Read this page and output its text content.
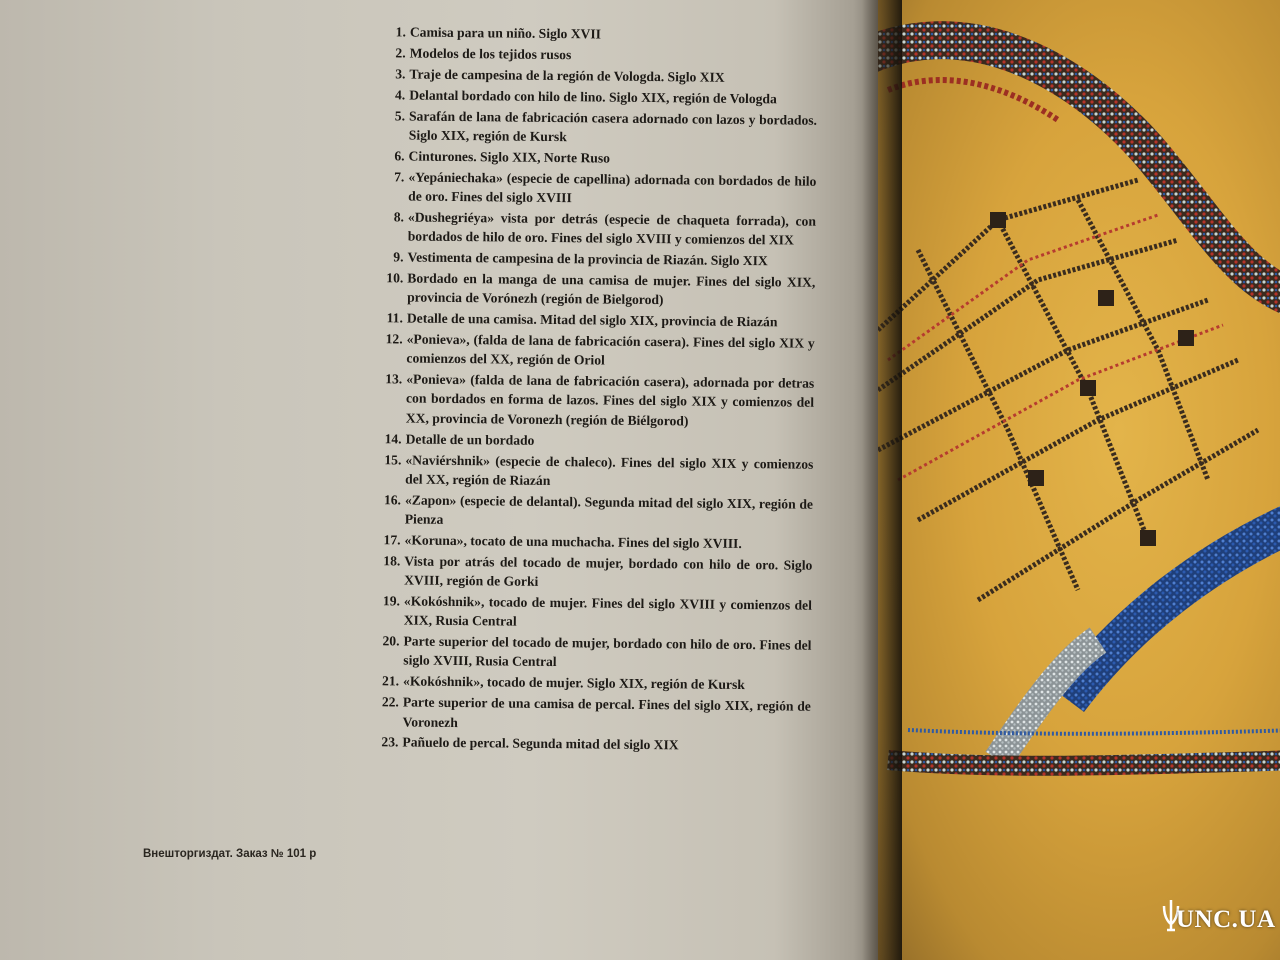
1. Camisa para un niño. Siglo XVII
2. Modelos de los tejidos rusos
3. Traje de campesina de la región de Vologda. Siglo XIX
4. Delantal bordado con hilo de lino. Siglo XIX, región de Vologda
5. Sarafán de lana de fabricación casera adornado con lazos y bordados. Siglo XIX, región de Kursk
6. Cinturones. Siglo XIX, Norte Ruso
7. «Yepániechaka» (especie de capellina) adornada con bordados de hilo de oro. Fines del siglo XVIII
8. «Dushegriéya» vista por detrás (especie de chaqueta forrada), con bordados de hilo de oro. Fines del siglo XVIII y comienzos del XIX
9. Vestimenta de campesina de la provincia de Riazán. Siglo XIX
10. Bordado en la manga de una camisa de mujer. Fines del siglo XIX, provincia de Vorónezh (región de Bielgorod)
11. Detalle de una camisa. Mitad del siglo XIX, provincia de Riazán
12. «Ponieva», (falda de lana de fabricación casera). Fines del siglo XIX y comienzos del XX, región de Oriol
13. «Ponieva» (falda de lana de fabricación casera), adornada por detras con bordados en forma de lazos. Fines del siglo XIX y comienzos del XX, provincia de Voronezh (región de Biélgorod)
14. Detalle de un bordado
15. «Naviérshnik» (especie de chaleco). Fines del siglo XIX y comienzos del XX, región de Riazán
16. «Zapon» (especie de delantal). Segunda mitad del siglo XIX, región de Pienza
17. «Koruna», tocato de una muchacha. Fines del siglo XVIII.
18. Vista por atrás del tocado de mujer, bordado con hilo de oro. Siglo XVIII, región de Gorki
19. «Kokóshnik», tocado de mujer. Fines del siglo XVIII y comienzos del XIX, Rusia Central
20. Parte superior del tocado de mujer, bordado con hilo de oro. Fines del siglo XVIII, Rusia Central
21. «Kokóshnik», tocado de mujer. Siglo XIX, región de Kursk
22. Parte superior de una camisa de percal. Fines del siglo XIX, región de Voronezh
23. Pañuelo de percal. Segunda mitad del siglo XIX
Внешторгиздат. Заказ № 101 р
UNC.UA
